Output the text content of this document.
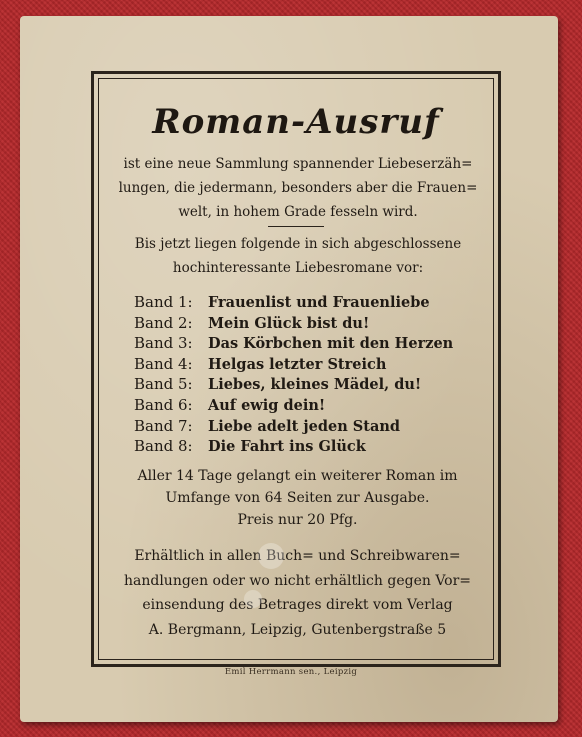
Roman-Ausruf
ist eine neue Sammlung spannender Liebeserzäh=
lungen, die jedermann, besonders aber die Frauen=
welt, in hohem Grade fesseln wird.
Bis jetzt liegen folgende in sich abgeschlossene
hochinteressante Liebesromane vor:
Band 1: Frauenlist und Frauenliebe
Band 2: Mein Glück bist du!
Band 3: Das Körbchen mit den Herzen
Band 4: Helgas letzter Streich
Band 5: Liebes, kleines Mädel, du!
Band 6: Auf ewig dein!
Band 7: Liebe adelt jeden Stand
Band 8: Die Fahrt ins Glück
Aller 14 Tage gelangt ein weiterer Roman im
Umfange von 64 Seiten zur Ausgabe.
Preis nur 20 Pfg.
Erhältlich in allen Buch= und Schreibwaren=
handlungen oder wo nicht erhältlich gegen Vor=
einsendung des Betrages direkt vom Verlag
A. Bergmann, Leipzig, Gutenbergstraße 5
Emil Herrmann sen., Leipzig
